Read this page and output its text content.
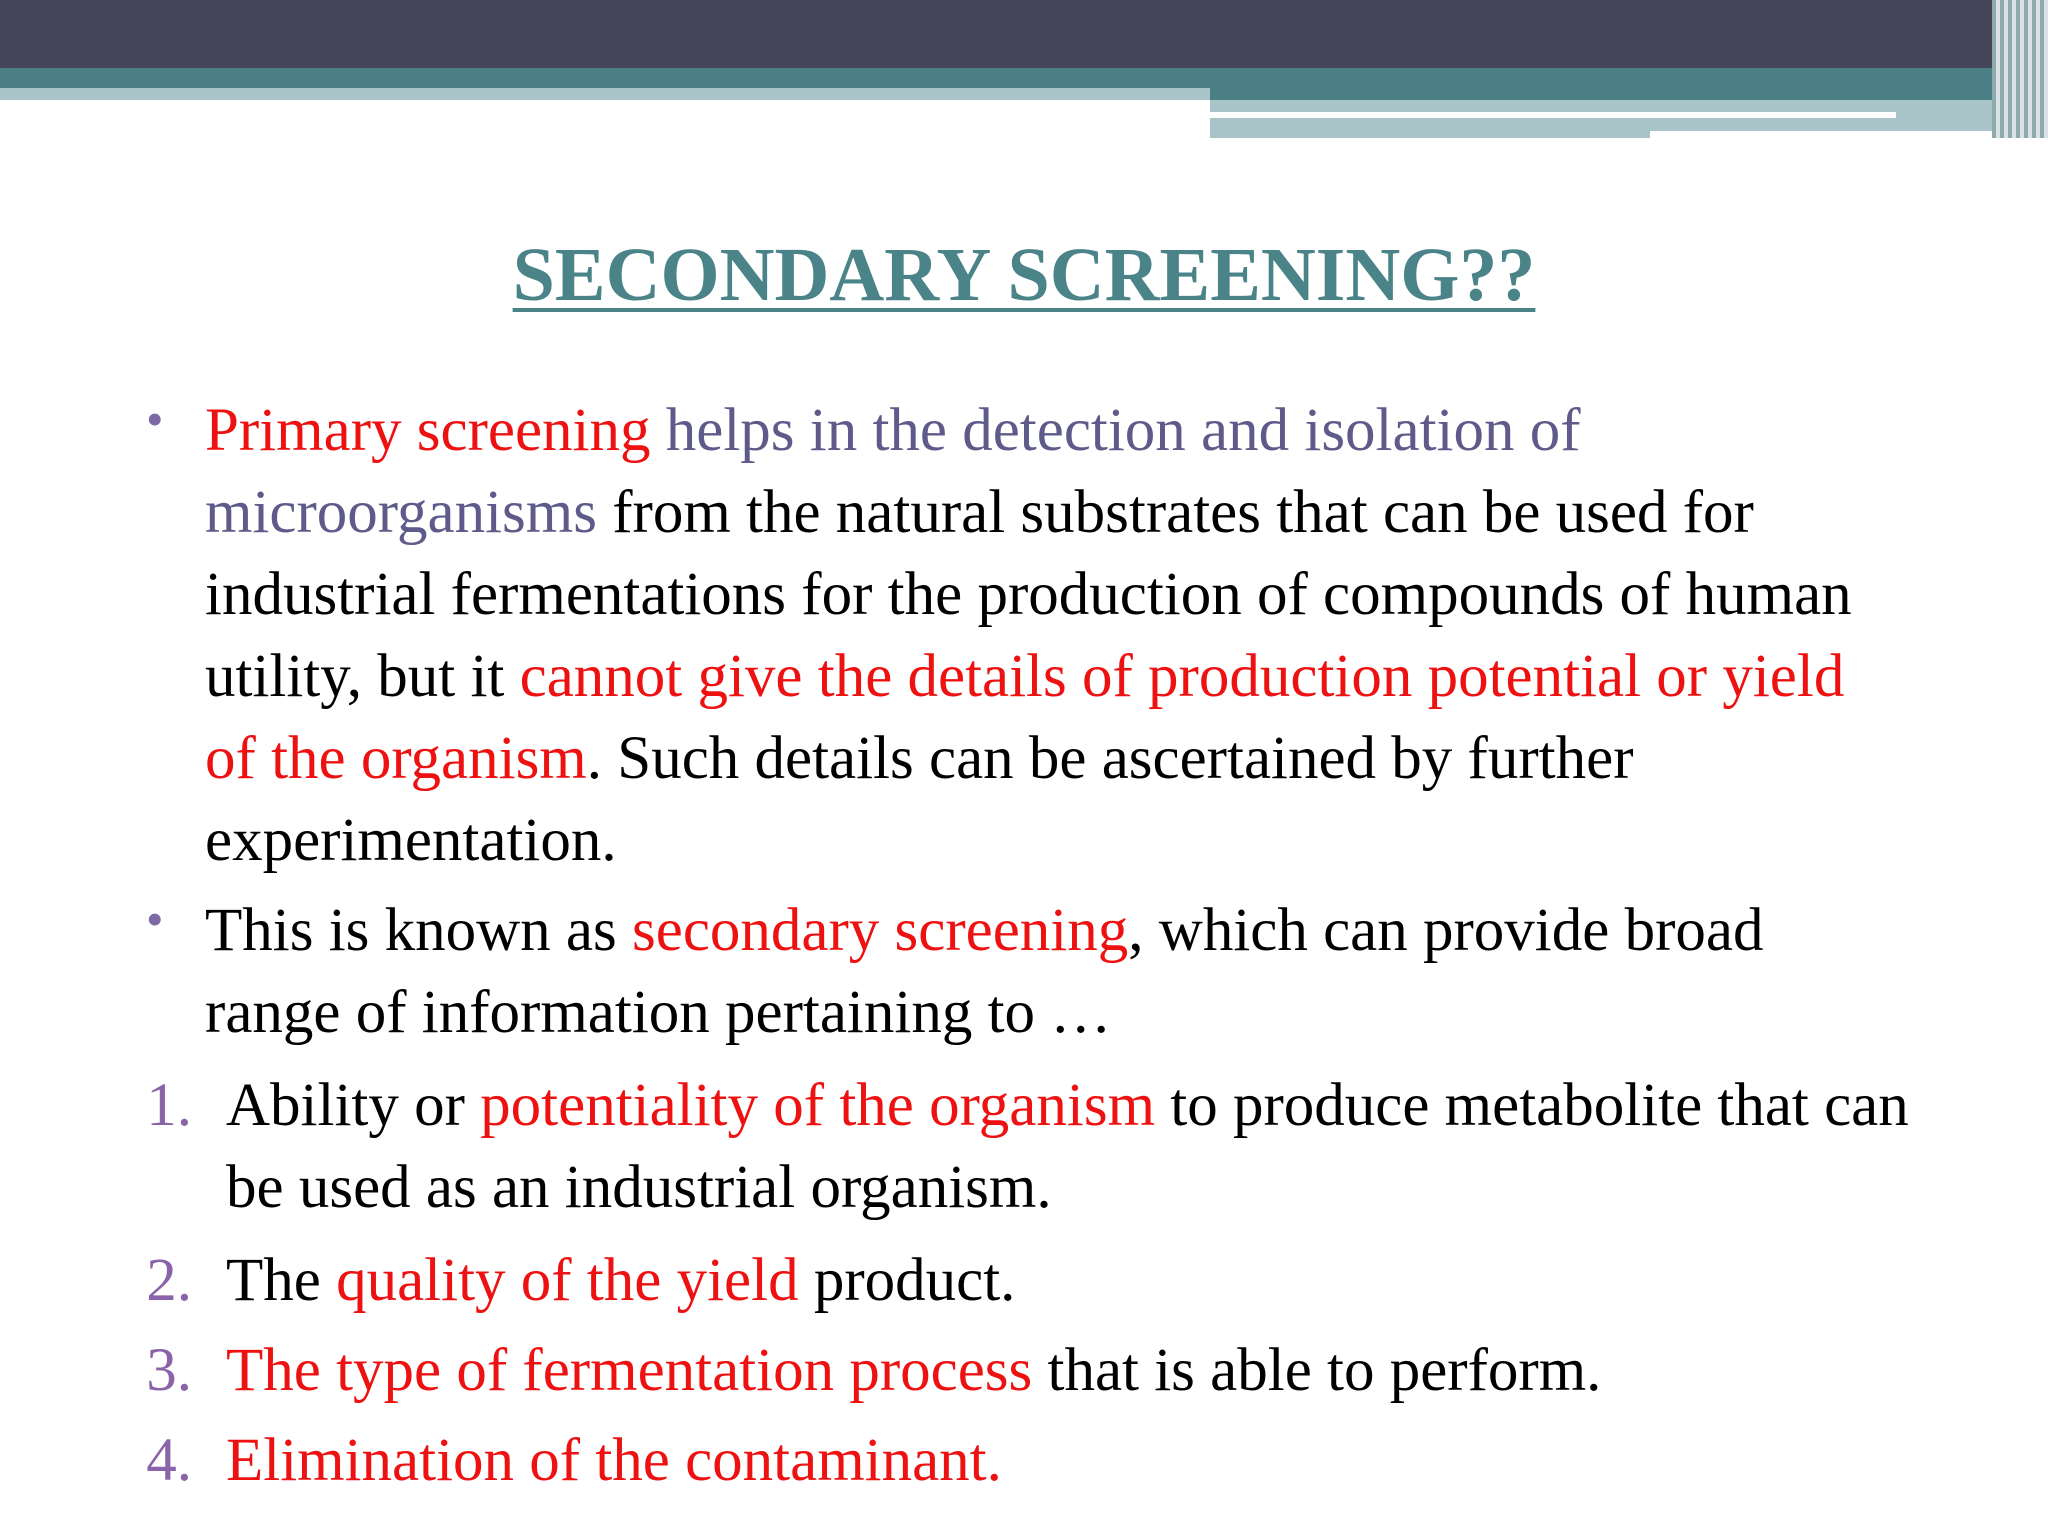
SECONDARY SCREENING??
• Primary screening helps in the detection and isolation of microorganisms from the natural substrates that can be used for industrial fermentations for the production of compounds of human utility, but it cannot give the details of production potential or yield of the organism. Such details can be ascertained by further experimentation.
• This is known as secondary screening, which can provide broad range of information pertaining to …
1. Ability or potentiality of the organism to produce metabolite that can be used as an industrial organism.
2. The quality of the yield product.
3. The type of fermentation process that is able to perform.
4. Elimination of the contaminant.
